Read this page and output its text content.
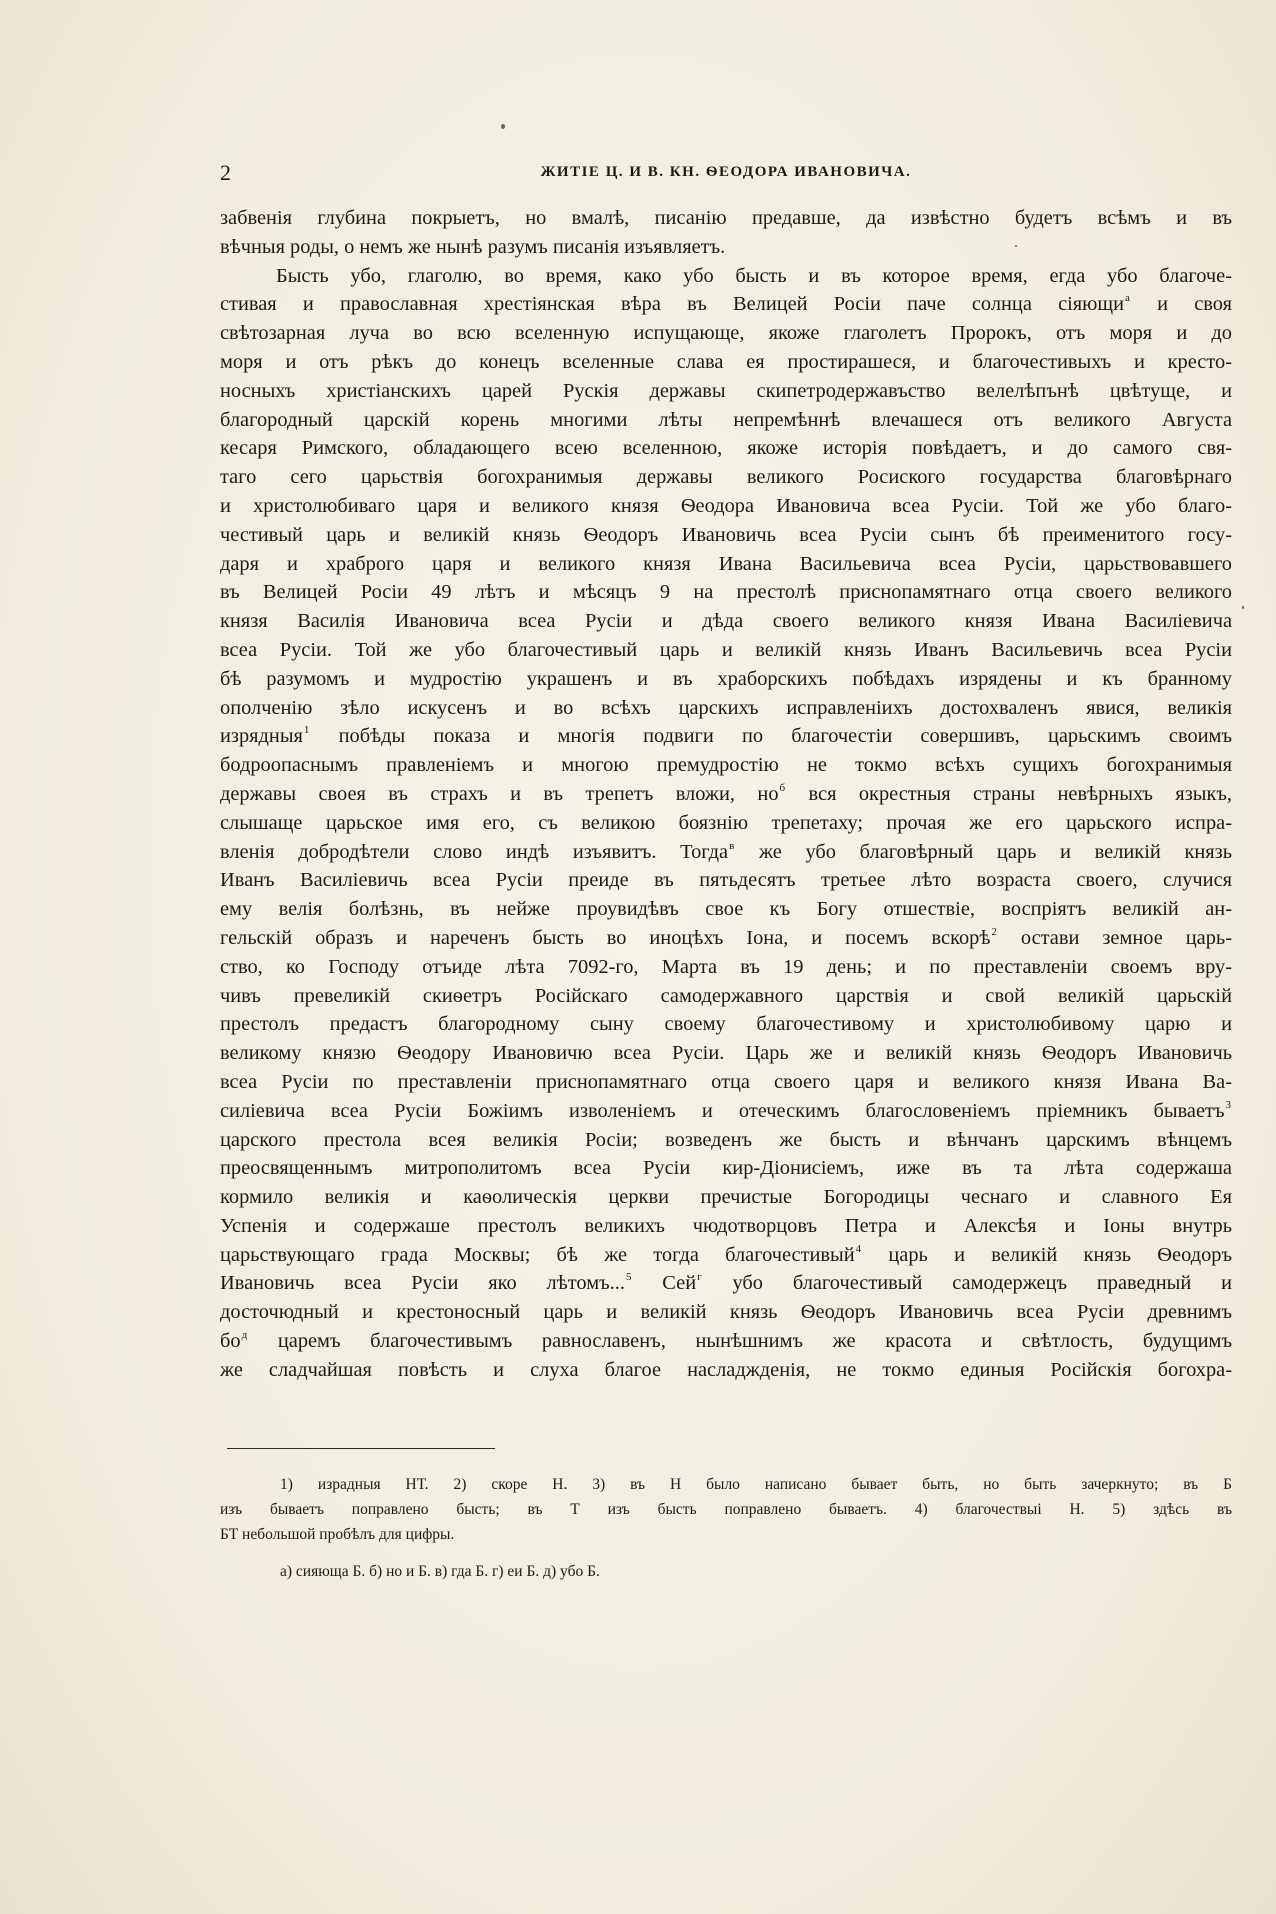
2	ЖИТІЕ Ц. И В. КН. ѲЕОДОРА ИВАНОВИЧА.
забвенія глубина покрыетъ, но вмалѣ, писанію предавше, да извѣстно будетъ всѣмъ и въ
вѣчныя роды, о немъ же нынѣ разумъ писанія изъявляетъ.
Бысть убо, глаголю, во время, како убо бысть и въ которое время, егда убо благоче-
стивая и православная хрестіянская вѣра въ Велицей Росіи паче солнца сіяющи$^а$ и своя
свѣтозарная луча во всю вселенную испущающе, якоже глаголетъ Пророкъ, отъ моря и до
моря и отъ рѣкъ до конецъ вселенные слава ея простирашеся, и благочестивыхъ и кресто-
носныхъ христіанскихъ царей Рускія державы скипетродержавъство велелѣпънѣ цвѣтуще, и
благородный царскій корень многими лѣты непремѣннѣ влечашеся отъ великого Августа
кесаря Римского, обладающего всею вселенною, якоже исторія повѣдаетъ, и до самого свя-
таго сего царьствія богохранимыя державы великого Росиского государства благовѣрнаго
и христолюбиваго царя и великого князя Ѳеодора Ивановича всеа Русіи. Той же убо благо-
честивый царь и великій князь Ѳеодоръ Ивановичь всеа Русіи сынъ бѣ преименитого госу-
даря и храброго царя и великого князя Ивана Васильевича всеа Русіи, царьствовавшего
въ Велицей Росіи 49 лѣтъ и мѣсяцъ 9 на престолѣ приснопамятнаго отца своего великого
князя Василія Ивановича всеа Русіи и дѣда своего великого князя Ивана Василіевича
всеа Русіи. Той же убо благочестивый царь и великій князь Иванъ Васильевичь всеа Русіи
бѣ разумомъ и мудростію украшенъ и въ храборскихъ побѣдахъ изрядены и къ бранному
ополченію зѣло искусенъ и во всѣхъ царскихъ исправленіихъ достохваленъ явися, великія
изрядныя$^1$ побѣды показа и многія подвиги по благочестіи совершивъ, царьскимъ своимъ
бодроопаснымъ правленіемъ и многою премудростію не токмо всѣхъ сущихъ богохранимыя
державы своея въ страхъ и въ трепетъ вложи, но$^б$ вся окрестныя страны невѣрныхъ языкъ,
слышаще царьское имя его, съ великою боязнію трепетаху; прочая же его царьского испра-
вленія добродѣтели слово индѣ изъявитъ. Тогда$^в$ же убо благовѣрный царь и великій князь
Иванъ Василіевичь всеа Русіи преиде въ пятьдесятъ третьее лѣто возраста своего, случися
ему велія болѣзнь, въ нейже проувидѣвъ свое къ Богу отшествіе, воспріятъ великій ан-
гельскій образъ и нареченъ бысть во иноцѣхъ Іона, и посемъ вскорѣ$^2$ остави земное царь-
ство, ко Господу отъиде лѣта 7092-го, Марта въ 19 день; и по преставленіи своемъ вру-
чивъ превеликій скиѳетръ Російскаго самодержавного царствія и свой великій царьскій
престолъ предастъ благородному сыну своему благочестивому и христолюбивому царю и
великому князю Ѳеодору Ивановичю всеа Русіи. Царь же и великій князь Ѳеодоръ Ивановичь
всеа Русіи по преставленіи приснопамятнаго отца своего царя и великого князя Ивана Ва-
силіевича всеа Русіи Божіимъ изволеніемъ и отеческимъ благословеніемъ пріемникъ бываетъ$^3$
царского престола всея великія Росіи; возведенъ же бысть и вѣнчанъ царскимъ вѣнцемъ
преосвященнымъ митрополитомъ всеа Русіи кир-Діонисіемъ, иже въ та лѣта содержаша
кормило великія и каѳолическія церкви пречистые Богородицы чеснаго и славного Ея
Успенія и содержаше престолъ великихъ чюдотворцовъ Петра и Алексѣя и Іоны внутрь
царьствующаго града Москвы; бѣ же тогда благочестивый$^4$ царь и великій князь Ѳеодоръ
Ивановичь всеа Русіи яко лѣтомъ...$^5$ Сей$^г$ убо благочестивый самодержецъ праведный и
досточюдный и крестоносный царь и великій князь Ѳеодоръ Ивановичь всеа Русіи древнимъ
бо$^д$ царемъ благочестивымъ равнославенъ, нынѣшнимъ же красота и свѣтлость, будущимъ
же сладчайшая повѣсть и слуха благое насладжденія, не токмо единыя Російскія богохра-
1) израдныя НТ. 2) скоре Н. 3) въ Н было написано бывает быть, но быть зачеркнуто; въ Б
изъ бываетъ поправлено бысть; въ Т изъ бысть поправлено бываетъ. 4) благочествыі Н. 5) здѣсь въ
БТ небольшой пробѣлъ для цифры.
а) сияюща Б. б) но и Б. в) гда Б. г) еи Б. д) убо Б.
